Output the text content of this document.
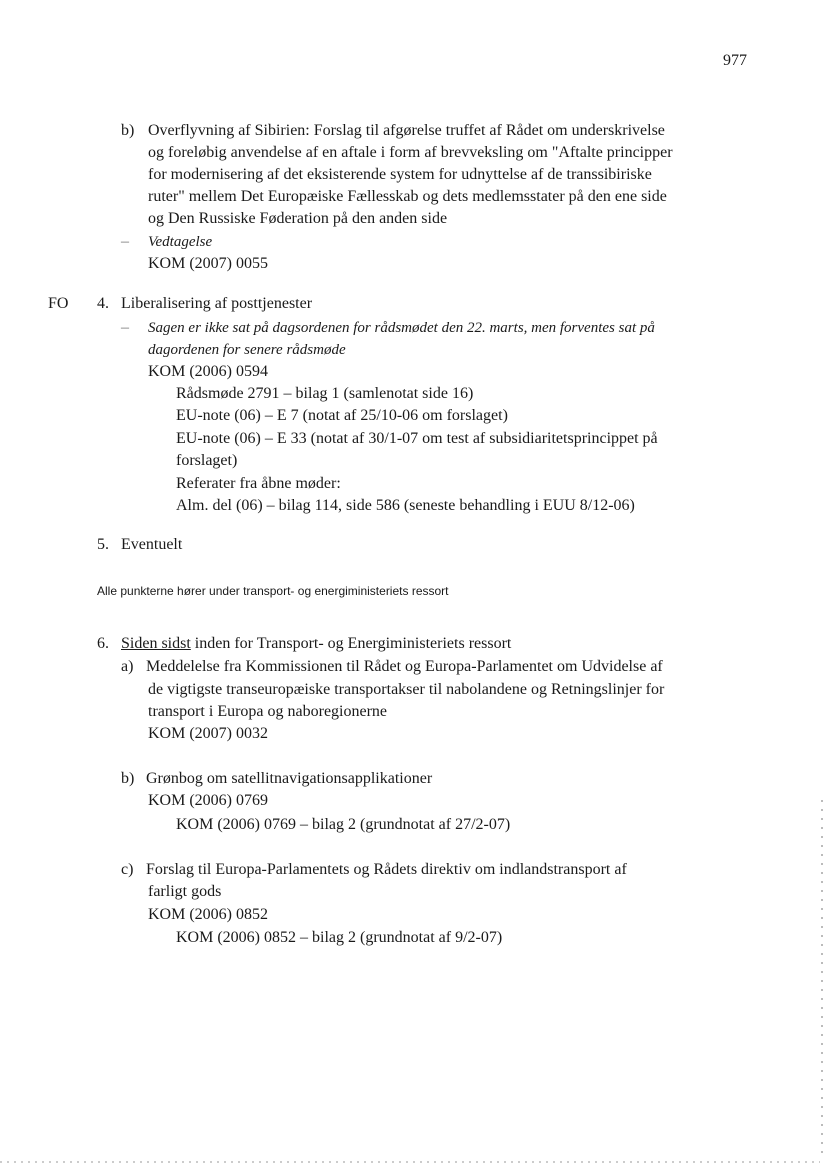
977
b) Overflyvning af Sibirien: Forslag til afgørelse truffet af Rådet om underskrivelse
og foreløbig anvendelse af en aftale i form af brevveksling om "Aftalte principper
for modernisering af det eksisterende system for udnyttelse af de transsibiriske
ruter" mellem Det Europæiske Fællesskab og dets medlemsstater på den ene side
og Den Russiske Føderation på den anden side
– Vedtagelse
KOM (2007) 0055
FO 4. Liberalisering af posttjenester
– Sagen er ikke sat på dagsordenen for rådsmødet den 22. marts, men forventes sat på
dagordenen for senere rådsmøde
KOM (2006) 0594
Rådsmøde 2791 – bilag 1 (samlenotat side 16)
EU-note (06) – E 7 (notat af 25/10-06 om forslaget)
EU-note (06) – E 33 (notat af 30/1-07 om test af subsidiaritetsprincippet på
forslaget)
Referater fra åbne møder:
Alm. del (06) – bilag 114, side 586 (seneste behandling i EUU 8/12-06)
5. Eventuelt
Alle punkterne hører under transport- og energiministeriets ressort
6. Siden sidst inden for Transport- og Energiministeriets ressort
a) Meddelelse fra Kommissionen til Rådet og Europa-Parlamentet om Udvidelse af
de vigtigste transeuropæiske transportakser til nabolandene og Retningslinjer for
transport i Europa og naboregionerne
KOM (2007) 0032
b) Grønbog om satellitnavigationsapplikationer
KOM (2006) 0769
KOM (2006) 0769 – bilag 2 (grundnotat af 27/2-07)
c) Forslag til Europa-Parlamentets og Rådets direktiv om indlandstransport af
farligt gods
KOM (2006) 0852
KOM (2006) 0852 – bilag 2 (grundnotat af 9/2-07)
